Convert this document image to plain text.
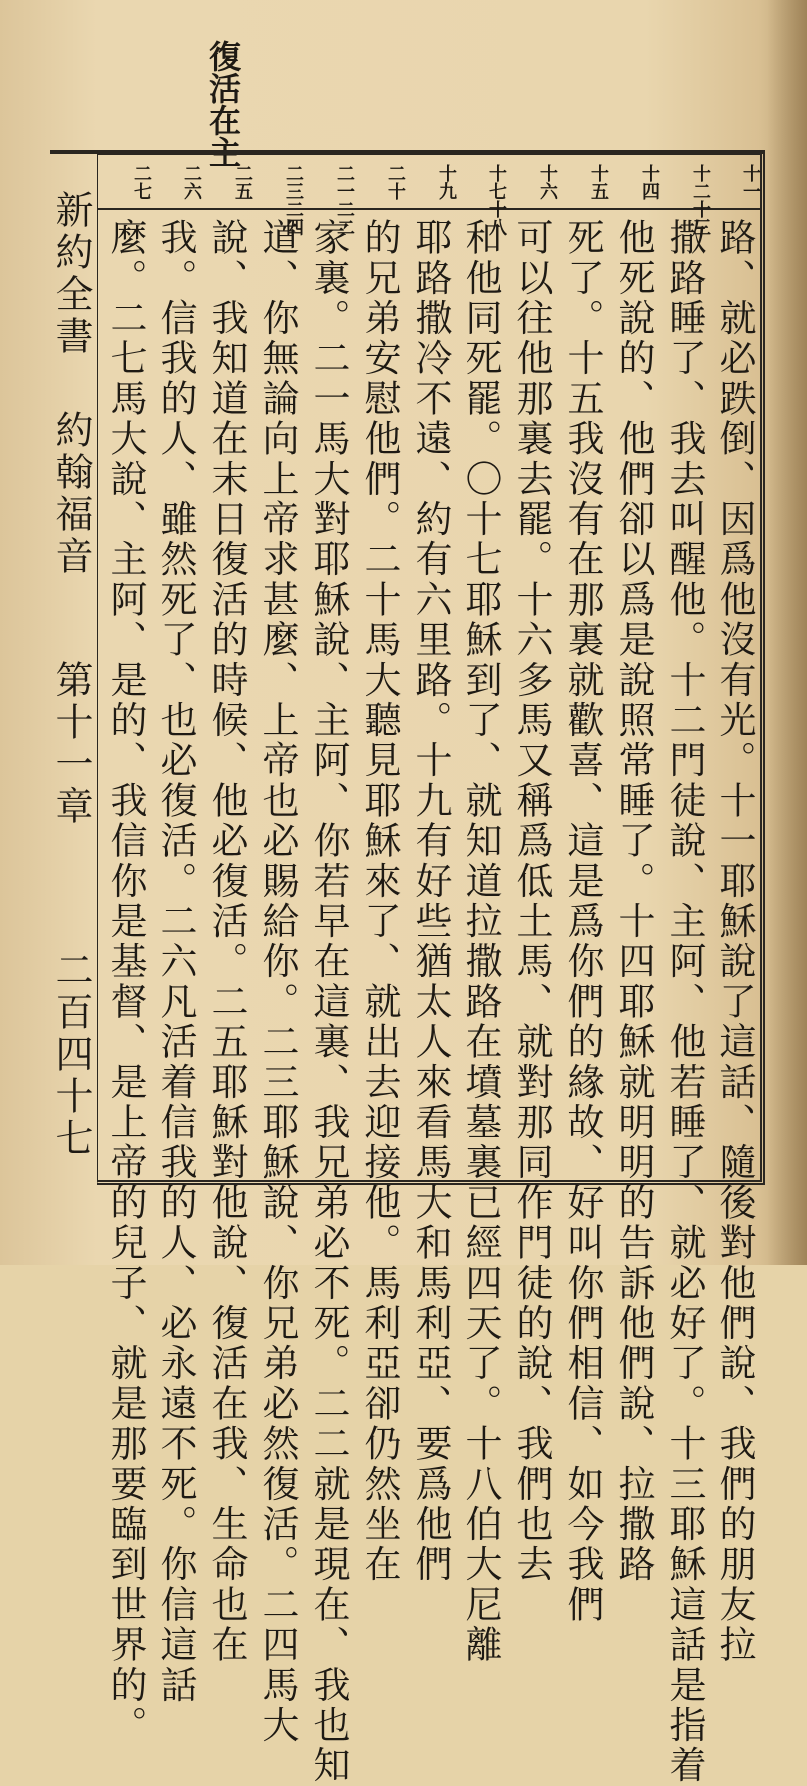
復活在主
新約全書
約翰福音
第十一章
二百四十七
十一
十二十三
十四
十五
十六
十七十八
十九
二十
二一二二
二三二四
二五
二六
二七
路、就必跌倒、因爲他沒有光。十一耶穌說了這話、隨後對他們說、我們的朋友拉
撒路睡了、我去叫醒他。十二門徒說、主阿、他若睡了、就必好了。十三耶穌這話是指着
他死說的、他們卻以爲是說照常睡了。十四耶穌就明明的告訴他們說、拉撒路
死了。十五我沒有在那裏就歡喜、這是爲你們的緣故、好叫你們相信、如今我們
可以往他那裏去罷。十六多馬又稱爲低土馬、就對那同作門徒的說、我們也去
和他同死罷。〇十七耶穌到了、就知道拉撒路在墳墓裏已經四天了。十八伯大尼離
耶路撒冷不遠、約有六里路。十九有好些猶太人來看馬大和馬利亞、要爲他們
的兄弟安慰他們。二十馬大聽見耶穌來了、就出去迎接他。馬利亞卻仍然坐在
家裏。二一馬大對耶穌說、主阿、你若早在這裏、我兄弟必不死。二二就是現在、我也知
道、你無論向上帝求甚麼、上帝也必賜給你。二三耶穌說、你兄弟必然復活。二四馬大
說、我知道在末日復活的時候、他必復活。二五耶穌對他說、復活在我、生命也在
我。信我的人、雖然死了、也必復活。二六凡活着信我的人、必永遠不死。你信這話
麼。二七馬大說、主阿、是的、我信你是基督、是上帝的兒子、就是那要臨到世界的。
